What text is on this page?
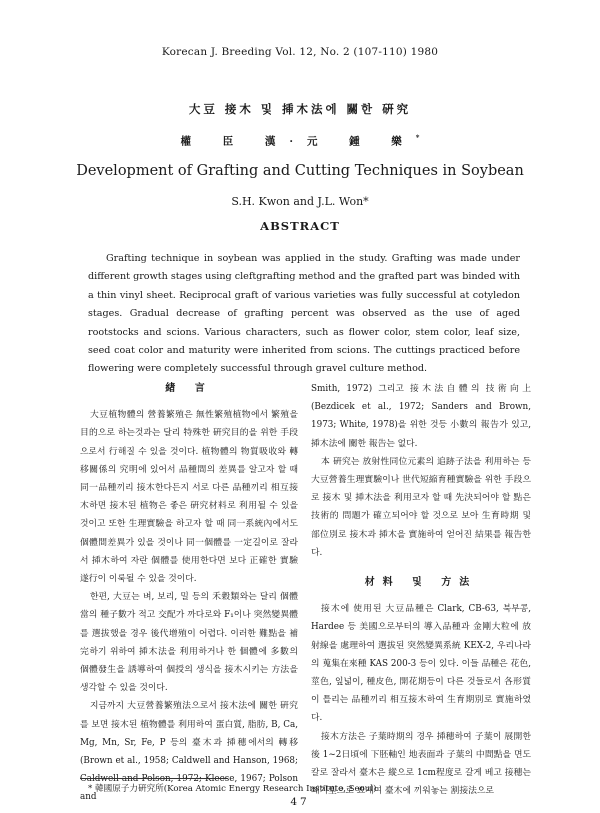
Korecan J. Breeding Vol. 12, No. 2 (107-110) 1980
大豆 接木 및 揷木法에 關한 硏究
權 臣 漢·元 鍾 樂*
Development of Grafting and Cutting Techniques in Soybean
S.H. Kwon and J.L. Won*
ABSTRACT

Grafting technique in soybean was applied in the study. Grafting was made under different growth stages using cleftgrafting method and the grafted part was binded with a thin vinyl sheet. Reciprocal graft of various varieties was fully successful at cotyledon stages. Gradual decrease of grafting percent was observed as the use of aged rootstocks and scions. Various characters, such as flower color, stem color, leaf size, seed coat color and maturity were inherited from scions. The cuttings practiced before flowering were completely successful through gravel culture method.

緖 言

大豆植物體의 營養繁殖은 無性繁殖植物에서 繁殖을 目的으로 하는것과는 달리 特殊한 硏究目的을 위한 手段으로서 行해질 수 있을 것이다. 植物體의 物質吸收와 轉移關係의 究明에 있어서 品種間의 差異를 알고자 할 때 同一品種끼리 接木한다든지 서로 다른 品種끼리 相互接木하면 接木된 植物은 좋은 硏究材料로 利用될 수 있을 것이고 또한 生理實驗을 하고자 할 때 同一系統內에서도 個體間差異가 있을 것이나 同一個體를 一定길이로 잘라서 揷木하여 자란 個體를 使用한다면 보다 正確한 實驗遂行이 이룩될 수 있을 것이다.

한편, 大豆는 벼, 보리, 밀 등의 禾穀類와는 달리 個體當의 種子數가 적고 交配가 까다로와 F₁이나 突然變異體를 選拔했을 경우 後代增殖이 어렵다. 이러한 難點을 補完하기 위하여 揷木法을 利用하거나 한 個體에 多數의 個體發生을 誘導하여 個授의 생식을 接木시키는 方法을 생각할 수 있을 것이다.

지금까지 大豆營養繁殖法으로서 接木法에 關한 硏究를 보면 接木된 植物體를 利用하여 蛋白質, 脂肪, B, Ca, Mg, Mn, Sr, Fe, P 등의 臺木과 揷穗에서의 轉移 (Brown et al., 1958; Caldwell and Hanson, 1968; Caldwell and Polson, 1972; Kleese, 1967; Polson and

Smith, 1972) 그리고 接木法自體의 技術向上(Bezdicek et al., 1972; Sanders and Brown, 1973; White, 1978)을 위한 것등 小數의 報告가 있고, 揷木法에 關한 報告는 없다.

本 硏究는 放射性同位元素의 追跡子法을 利用하는 등 大豆營養生理實驗이나 世代短縮育種實驗을 위한 手段으로 接木 및 揷木法을 利用코자 할 때 先決되어야 할 點은 技術的 問題가 確立되어야 할 것으로 보아 生育時期 및 部位別로 接木과 揷木을 實施하여 얻어진 結果를 報告한다.

材料 및 方法

接木에 使用된 大豆品種은 Clark, CB-63, 북부콩, Hardee 등 美國으로부터의 導入品種과 金剛大粒에 放射線을 處理하여 選拔된 突然變異系統 KEX-2, 우리나라의 蒐集在來種 KAS 200-3 등이 있다. 이들 品種은 花色, 莖色, 잎넓이, 種皮色, 開花期등이 다른 것들로서 各形質이 틀리는 品種끼리 相互接木하여 生育期別로 實施하였다.

接木方法은 子葉時期의 경우 揷穗하여 子葉이 展開한 後 1~2日頃에 下胚軸인 地表面과 子葉의 中間點을 면도칼로 잘라서 臺木은 縱으로 1cm程度로 갈게 베고 接穗는 쐐기型으로 뾰개여 臺木에 끼워놓는 割接法으로

* 韓國原子力硏究所(Korea Atomic Energy Research Institute, Seoul)
47
